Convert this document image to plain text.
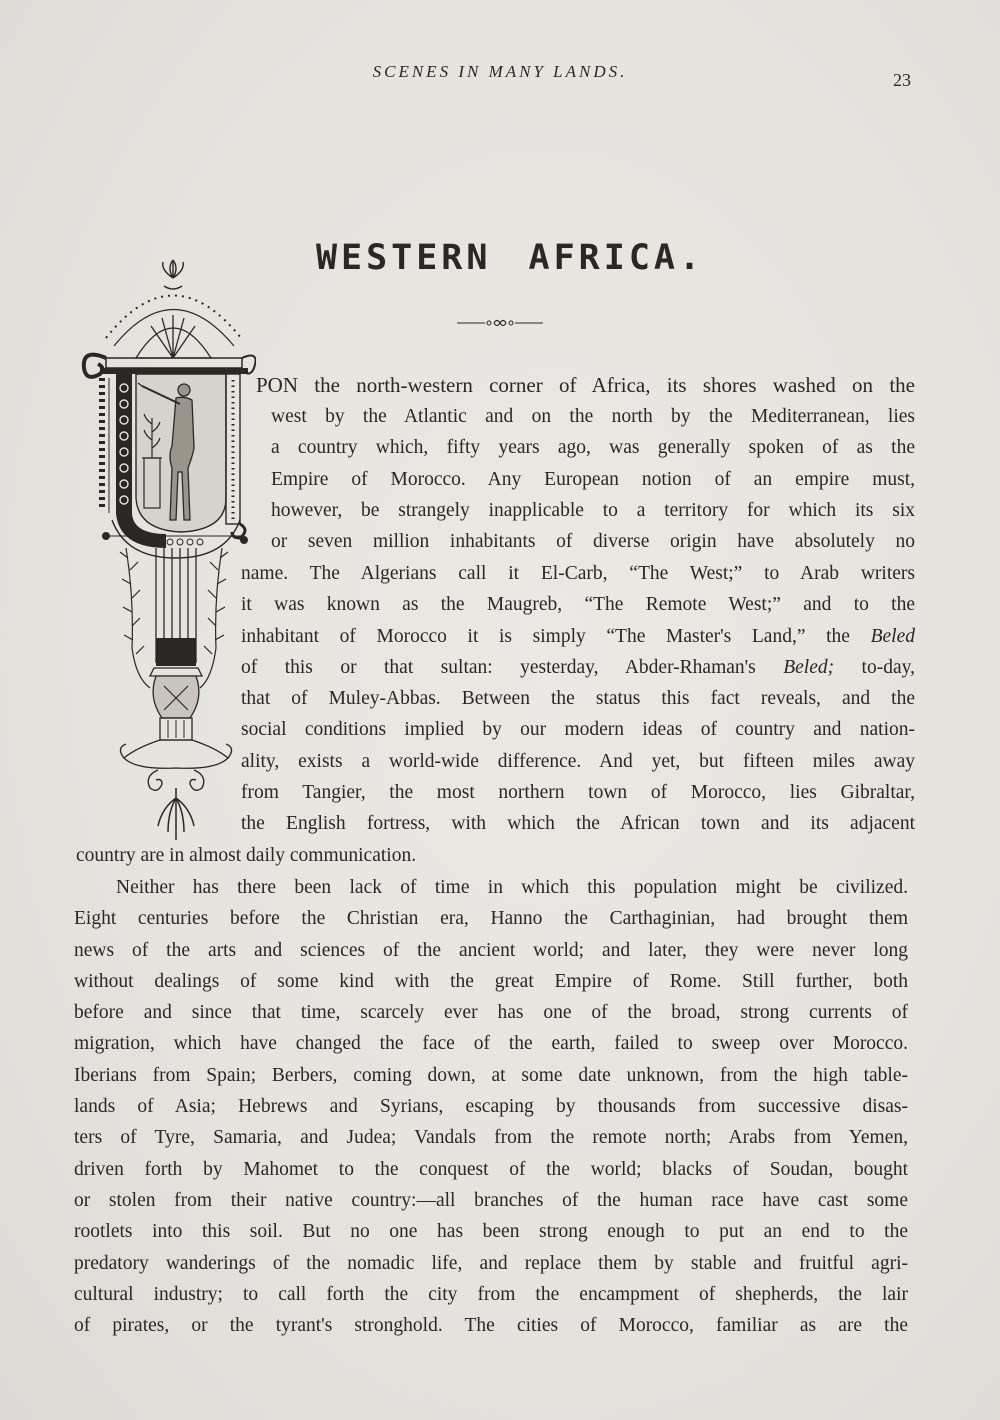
SCENES IN MANY LANDS.	23
WESTERN AFRICA.
PON the north-western corner of Africa, its shores washed on the
west by the Atlantic and on the north by the Mediterranean, lies
a country which, fifty years ago, was generally spoken of as the
Empire of Morocco. Any European notion of an empire must,
however, be strangely inapplicable to a territory for which its six
or seven million inhabitants of diverse origin have absolutely no
name. The Algerians call it El-Carb, “The West;” to Arab writers
it was known as the Maugreb, “The Remote West;” and to the
inhabitant of Morocco it is simply “The Master's Land,” the Beled
of this or that sultan: yesterday, Abder-Rhaman's Beled; to-day,
that of Muley-Abbas. Between the status this fact reveals, and the
social conditions implied by our modern ideas of country and nation-
ality, exists a world-wide difference. And yet, but fifteen miles away
from Tangier, the most northern town of Morocco, lies Gibraltar,
the English fortress, with which the African town and its adjacent
country are in almost daily communication.
Neither has there been lack of time in which this population might be civilized.
Eight centuries before the Christian era, Hanno the Carthaginian, had brought them
news of the arts and sciences of the ancient world; and later, they were never long
without dealings of some kind with the great Empire of Rome. Still further, both
before and since that time, scarcely ever has one of the broad, strong currents of
migration, which have changed the face of the earth, failed to sweep over Morocco.
Iberians from Spain; Berbers, coming down, at some date unknown, from the high table-
lands of Asia; Hebrews and Syrians, escaping by thousands from successive disas-
ters of Tyre, Samaria, and Judea; Vandals from the remote north; Arabs from Yemen,
driven forth by Mahomet to the conquest of the world; blacks of Soudan, bought
or stolen from their native country:—all branches of the human race have cast some
rootlets into this soil. But no one has been strong enough to put an end to the
predatory wanderings of the nomadic life, and replace them by stable and fruitful agri-
cultural industry; to call forth the city from the encampment of shepherds, the lair
of pirates, or the tyrant's stronghold. The cities of Morocco, familiar as are the
